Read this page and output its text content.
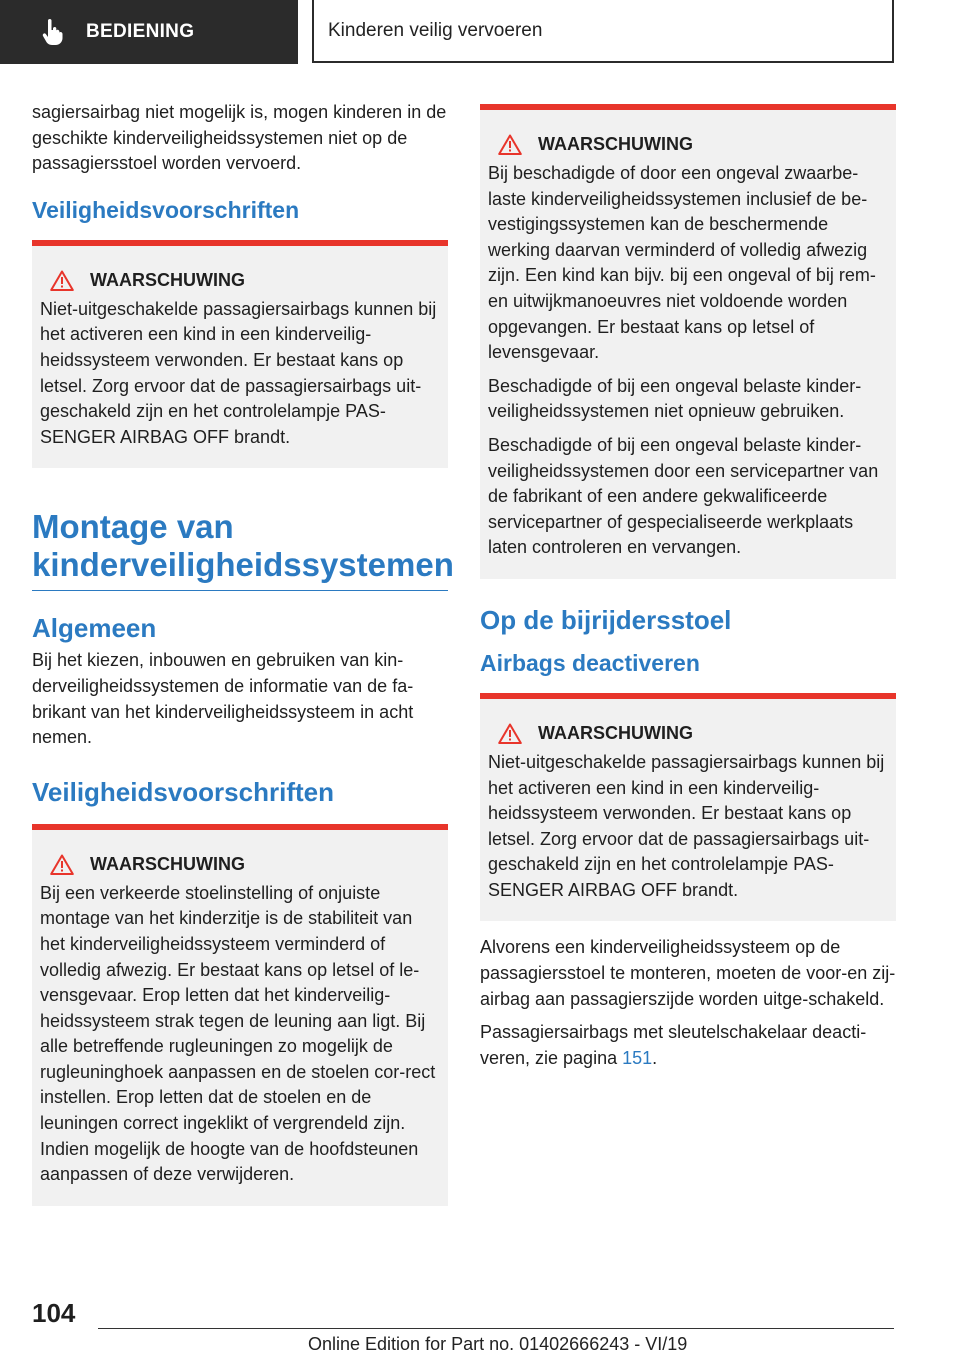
BEDIENING	Kinderen veilig vervoeren

sagiersairbag niet mogelijk is, mogen kinderen in de geschikte kinderveiligheidssystemen niet op de passagiersstoel worden vervoerd.

Veiligheidsvoorschriften
WAARSCHUWING

Niet-uitgeschakelde passagiersairbags kunnen bij het activeren een kind in een kinderveilig-heidssysteem verwonden. Er bestaat kans op letsel. Zorg ervoor dat de passagiersairbags uit-geschakeld zijn en het controlelampje PAS-SENGER AIRBAG OFF brandt.

Montage van kinderveiligheidssystemen
Algemeen

Bij het kiezen, inbouwen en gebruiken van kin-derveiligheidssystemen de informatie van de fa-brikant van het kinderveiligheidssysteem in acht nemen.

Veiligheidsvoorschriften
WAARSCHUWING

Bij een verkeerde stoelinstelling of onjuiste montage van het kinderzitje is de stabiliteit van het kinderveiligheidssysteem verminderd of volledig afwezig. Er bestaat kans op letsel of le-vensgevaar. Erop letten dat het kinderveilig-heidssysteem strak tegen de leuning aan ligt. Bij alle betreffende rugleuningen zo mogelijk de rugleuninghoek aanpassen en de stoelen cor-rect instellen. Erop letten dat de stoelen en de leuningen correct ingeklikt of vergrendeld zijn. Indien mogelijk de hoogte van de hoofdsteunen aanpassen of deze verwijderen.

WAARSCHUWING

Bij beschadigde of door een ongeval zwaarbe-laste kinderveiligheidssystemen inclusief de be-vestigingssystemen kan de beschermende werking daarvan verminderd of volledig afwezig zijn. Een kind kan bijv. bij een ongeval of bij rem- en uitwijkmanoeuvres niet voldoende worden opgevangen. Er bestaat kans op letsel of levensgevaar.

Beschadigde of bij een ongeval belaste kinder-veiligheidssystemen niet opnieuw gebruiken.

Beschadigde of bij een ongeval belaste kinder-veiligheidssystemen door een servicepartner van de fabrikant of een andere gekwalificeerde servicepartner of gespecialiseerde werkplaats laten controleren en vervangen.

Op de bijrijdersstoel
Airbags deactiveren
WAARSCHUWING

Niet-uitgeschakelde passagiersairbags kunnen bij het activeren een kind in een kinderveilig-heidssysteem verwonden. Er bestaat kans op letsel. Zorg ervoor dat de passagiersairbags uit-geschakeld zijn en het controlelampje PAS-SENGER AIRBAG OFF brandt.

Alvorens een kinderveiligheidssysteem op de passagiersstoel te monteren, moeten de voor-en zij-airbag aan passagierszijde worden uitge-schakeld.

Passagiersairbags met sleutelschakelaar deacti-veren, zie pagina 151.

104
Online Edition for Part no. 01402666243 - VI/19
